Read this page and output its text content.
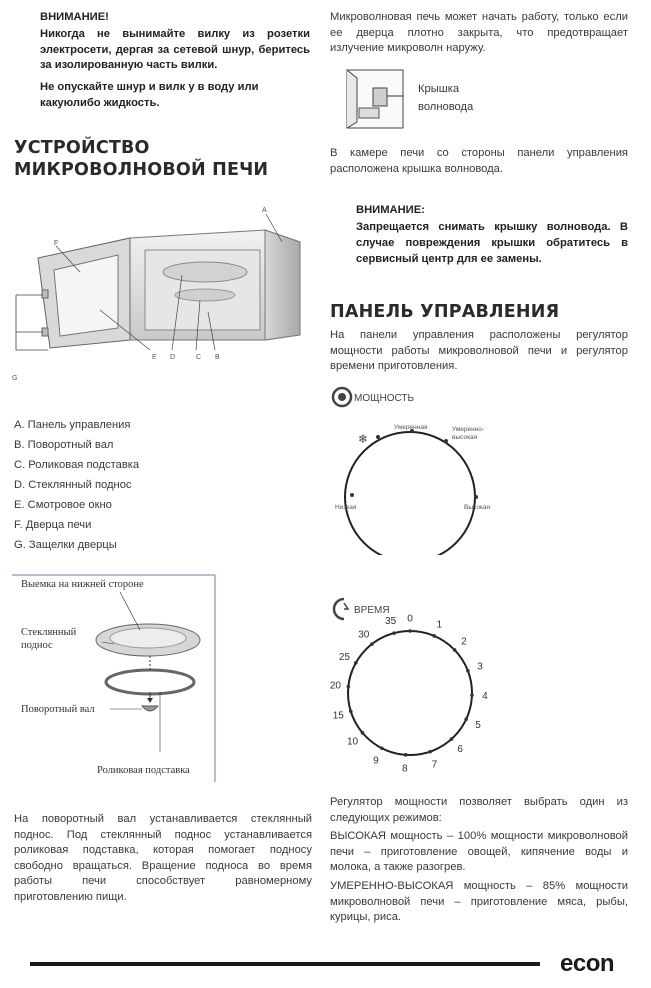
ВНИМАНИЕ!
Никогда не вынимайте вилку из розетки электросети, дергая за сетевой шнур, беритесь за изолированную часть вилки.
Не опускайте шнур и вилк у в воду или какуюлибо жидкость.
УСТРОЙСТВО
МИКРОВОЛНОВОЙ ПЕЧИ
A
B
C
D
E
F
G
A. Панель управления
B. Поворотный вал
C. Роликовая подставка
D. Стеклянный поднос
E. Смотровое окно
F. Дверца печи
G. Защелки дверцы
Выемка на нижней стороне
Стеклянный поднос
Поворотный вал
Роликовая подставка
На поворотный вал устанавливается стеклянный поднос. Под стеклянный поднос устанавливается роликовая подставка, которая помогает подносу свободно вращаться. Вращение подноса во время работы печи способствует равномерному приготовлению пищи.
Микроволновая печь может начать работу, только если ее дверца плотно закрыта, что предотвращает излучение микроволн наружу.
Крышка
волновода
В камере печи со стороны панели управления расположена крышка волновода.
ВНИМАНИЕ:
Запрещается снимать крышку волновода. В случае повреждения крышки обратитесь в сервисный центр для ее замены.
ПАНЕЛЬ УПРАВЛЕНИЯ
На панели управления расположены регулятор мощности работы микроволновой печи и регулятор времени приготовления.
МОЩНОСТЬ
❄
Низкая
Умеренная	Умеренно-
высокая
Высокая
ВРЕМЯ
0
1
2
3
4
5
6
7
8
9
10
15
20
25
30
35
Регулятор мощности позволяет выбрать один из следующих режимов:
ВЫСОКАЯ мощность – 100% мощности микроволновой печи – приготовление овощей, кипячение воды и молока, а также разогрев.
УМЕРЕННО-ВЫСОКАЯ мощность – 85% мощности микроволновой печи – приготовление мяса, рыбы, курицы, риса.
econ
